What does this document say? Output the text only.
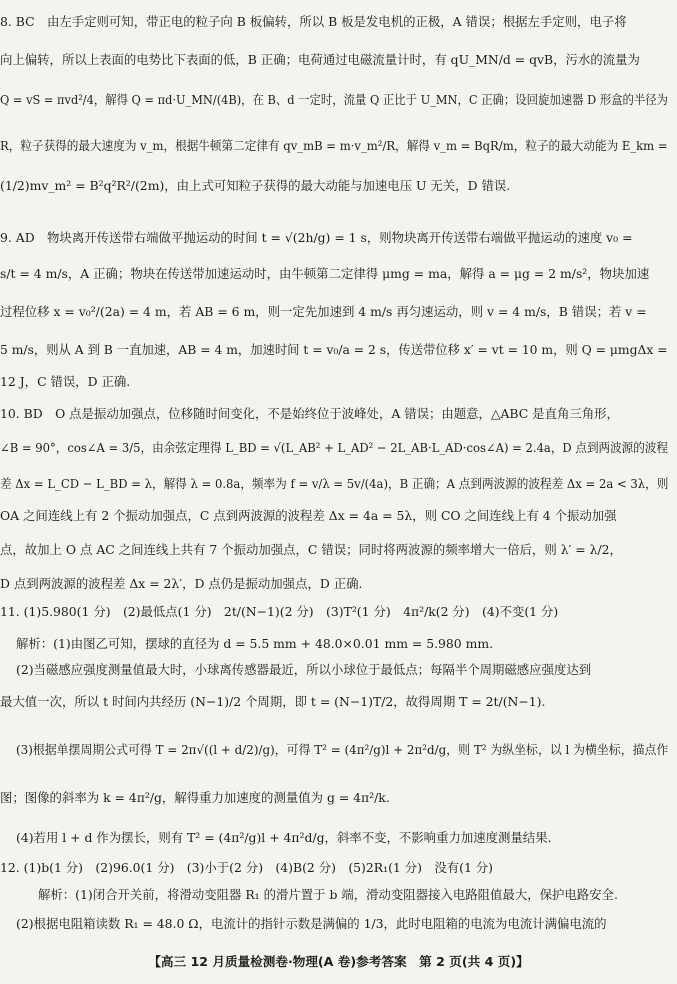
8. BC　由左手定则可知，带正电的粒子向 B 板偏转，所以 B 板是发电机的正极，A 错误；根据左手定则，电子将

向上偏转，所以上表面的电势比下表面的低，B 正确；电荷通过电磁流量计时，有 qU_MN/d = qvB，污水的流量为

Q = vS = πvd²/4，解得 Q = πd·U_MN/(4B)，在 B、d 一定时，流量 Q 正比于 U_MN，C 正确；设回旋加速器 D 形盒的半径为

R，粒子获得的最大速度为 v_m，根据牛顿第二定律有 qv_mB = m·v_m²/R，解得 v_m = BqR/m，粒子的最大动能为 E_km =

(1/2)mv_m² = B²q²R²/(2m)，由上式可知粒子获得的最大动能与加速电压 U 无关，D 错误.

9. AD　物块离开传送带右端做平抛运动的时间 t = √(2h/g) = 1 s，则物块离开传送带右端做平抛运动的速度 v₀ =

s/t = 4 m/s，A 正确；物块在传送带加速运动时，由牛顿第二定律得 μmg = ma，解得 a = μg = 2 m/s²，物块加速

过程位移 x = v₀²/(2a) = 4 m，若 AB = 6 m，则一定先加速到 4 m/s 再匀速运动，则 v = 4 m/s，B 错误；若 v =

5 m/s，则从 A 到 B 一直加速，AB = 4 m，加速时间 t = v₀/a = 2 s，传送带位移 x′ = vt = 10 m，则 Q = μmgΔx =

12 J，C 错误，D 正确.

10. BD　O 点是振动加强点，位移随时间变化，不是始终位于波峰处，A 错误；由题意，△ABC 是直角三角形，

∠B = 90°，cos∠A = 3/5，由余弦定理得 L_BD = √(L_AB² + L_AD² − 2L_AB·L_AD·cos∠A) = 2.4a，D 点到两波源的波程

差 Δx = L_CD − L_BD = λ，解得 λ = 0.8a，频率为 f = v/λ = 5v/(4a)，B 正确；A 点到两波源的波程差 Δx = 2a < 3λ，则

OA 之间连线上有 2 个振动加强点，C 点到两波源的波程差 Δx = 4a = 5λ，则 CO 之间连线上有 4 个振动加强

点，故加上 O 点 AC 之间连线上共有 7 个振动加强点，C 错误；同时将两波源的频率增大一倍后，则 λ′ = λ/2，

D 点到两波源的波程差 Δx = 2λ′，D 点仍是振动加强点，D 正确.

11. (1)5.980(1 分)　(2)最低点(1 分)　2t/(N−1)(2 分)　(3)T²(1 分)　4π²/k(2 分)　(4)不变(1 分)

解析：(1)由图乙可知，摆球的直径为 d = 5.5 mm + 48.0×0.01 mm = 5.980 mm.

(2)当磁感应强度测量值最大时，小球离传感器最近，所以小球位于最低点；每隔半个周期磁感应强度达到

最大值一次，所以 t 时间内共经历 (N−1)/2 个周期，即 t = (N−1)T/2，故得周期 T = 2t/(N−1).

(3)根据单摆周期公式可得 T = 2π√((l + d/2)/g)，可得 T² = (4π²/g)l + 2π²d/g，则 T² 为纵坐标，以 l 为横坐标，描点作

图；图像的斜率为 k = 4π²/g，解得重力加速度的测量值为 g = 4π²/k.

(4)若用 l + d 作为摆长，则有 T² = (4π²/g)l + 4π²d/g，斜率不变，不影响重力加速度测量结果.

12. (1)b(1 分)　(2)96.0(1 分)　(3)小于(2 分)　(4)B(2 分)　(5)2R₁(1 分)　没有(1 分)

解析：(1)闭合开关前，将滑动变阻器 R₁ 的滑片置于 b 端，滑动变阻器接入电路阻值最大，保护电路安全.

(2)根据电阻箱读数 R₁ = 48.0 Ω，电流计的指针示数是满偏的 1/3，此时电阻箱的电流为电流计满偏电流的

【高三 12 月质量检测卷·物理(A 卷)参考答案　第 2 页(共 4 页)】
